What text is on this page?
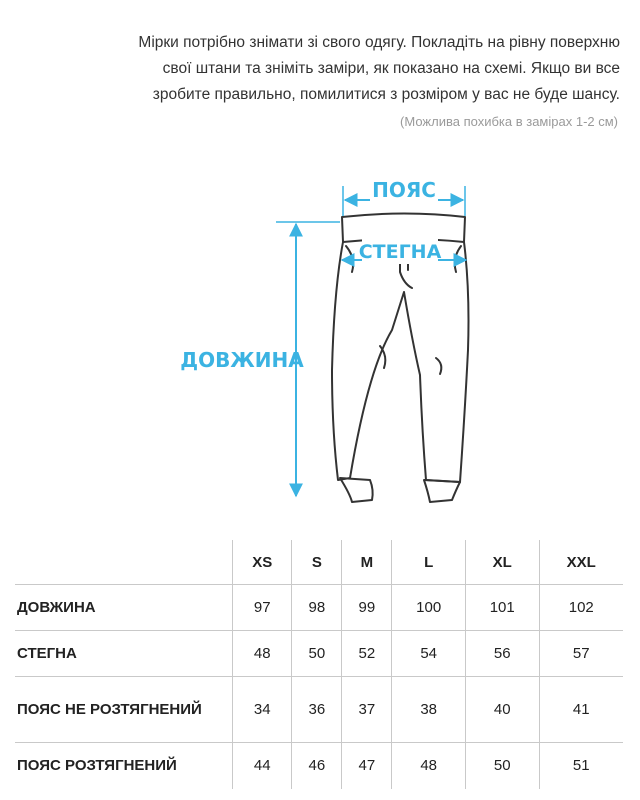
Мірки потрібно знімати зі свого одягу. Покладіть на рівну поверхню

свої штани та зніміть заміри, як показано на схемі. Якщо ви все

зробите правильно, помилитися з розміром у вас не буде шансу.

(Можлива похибка в замірах 1-2 см)
ПОЯС
СТЕГНА
ДОВЖИНА
	XS	S	M	L	XL	XXL
ДОВЖИНА	97	98	99	100	101	102
СТЕГНА	48	50	52	54	56	57
ПОЯС НЕ РОЗТЯГНЕНИЙ	34	36	37	38	40	41
ПОЯС РОЗТЯГНЕНИЙ	44	46	47	48	50	51
